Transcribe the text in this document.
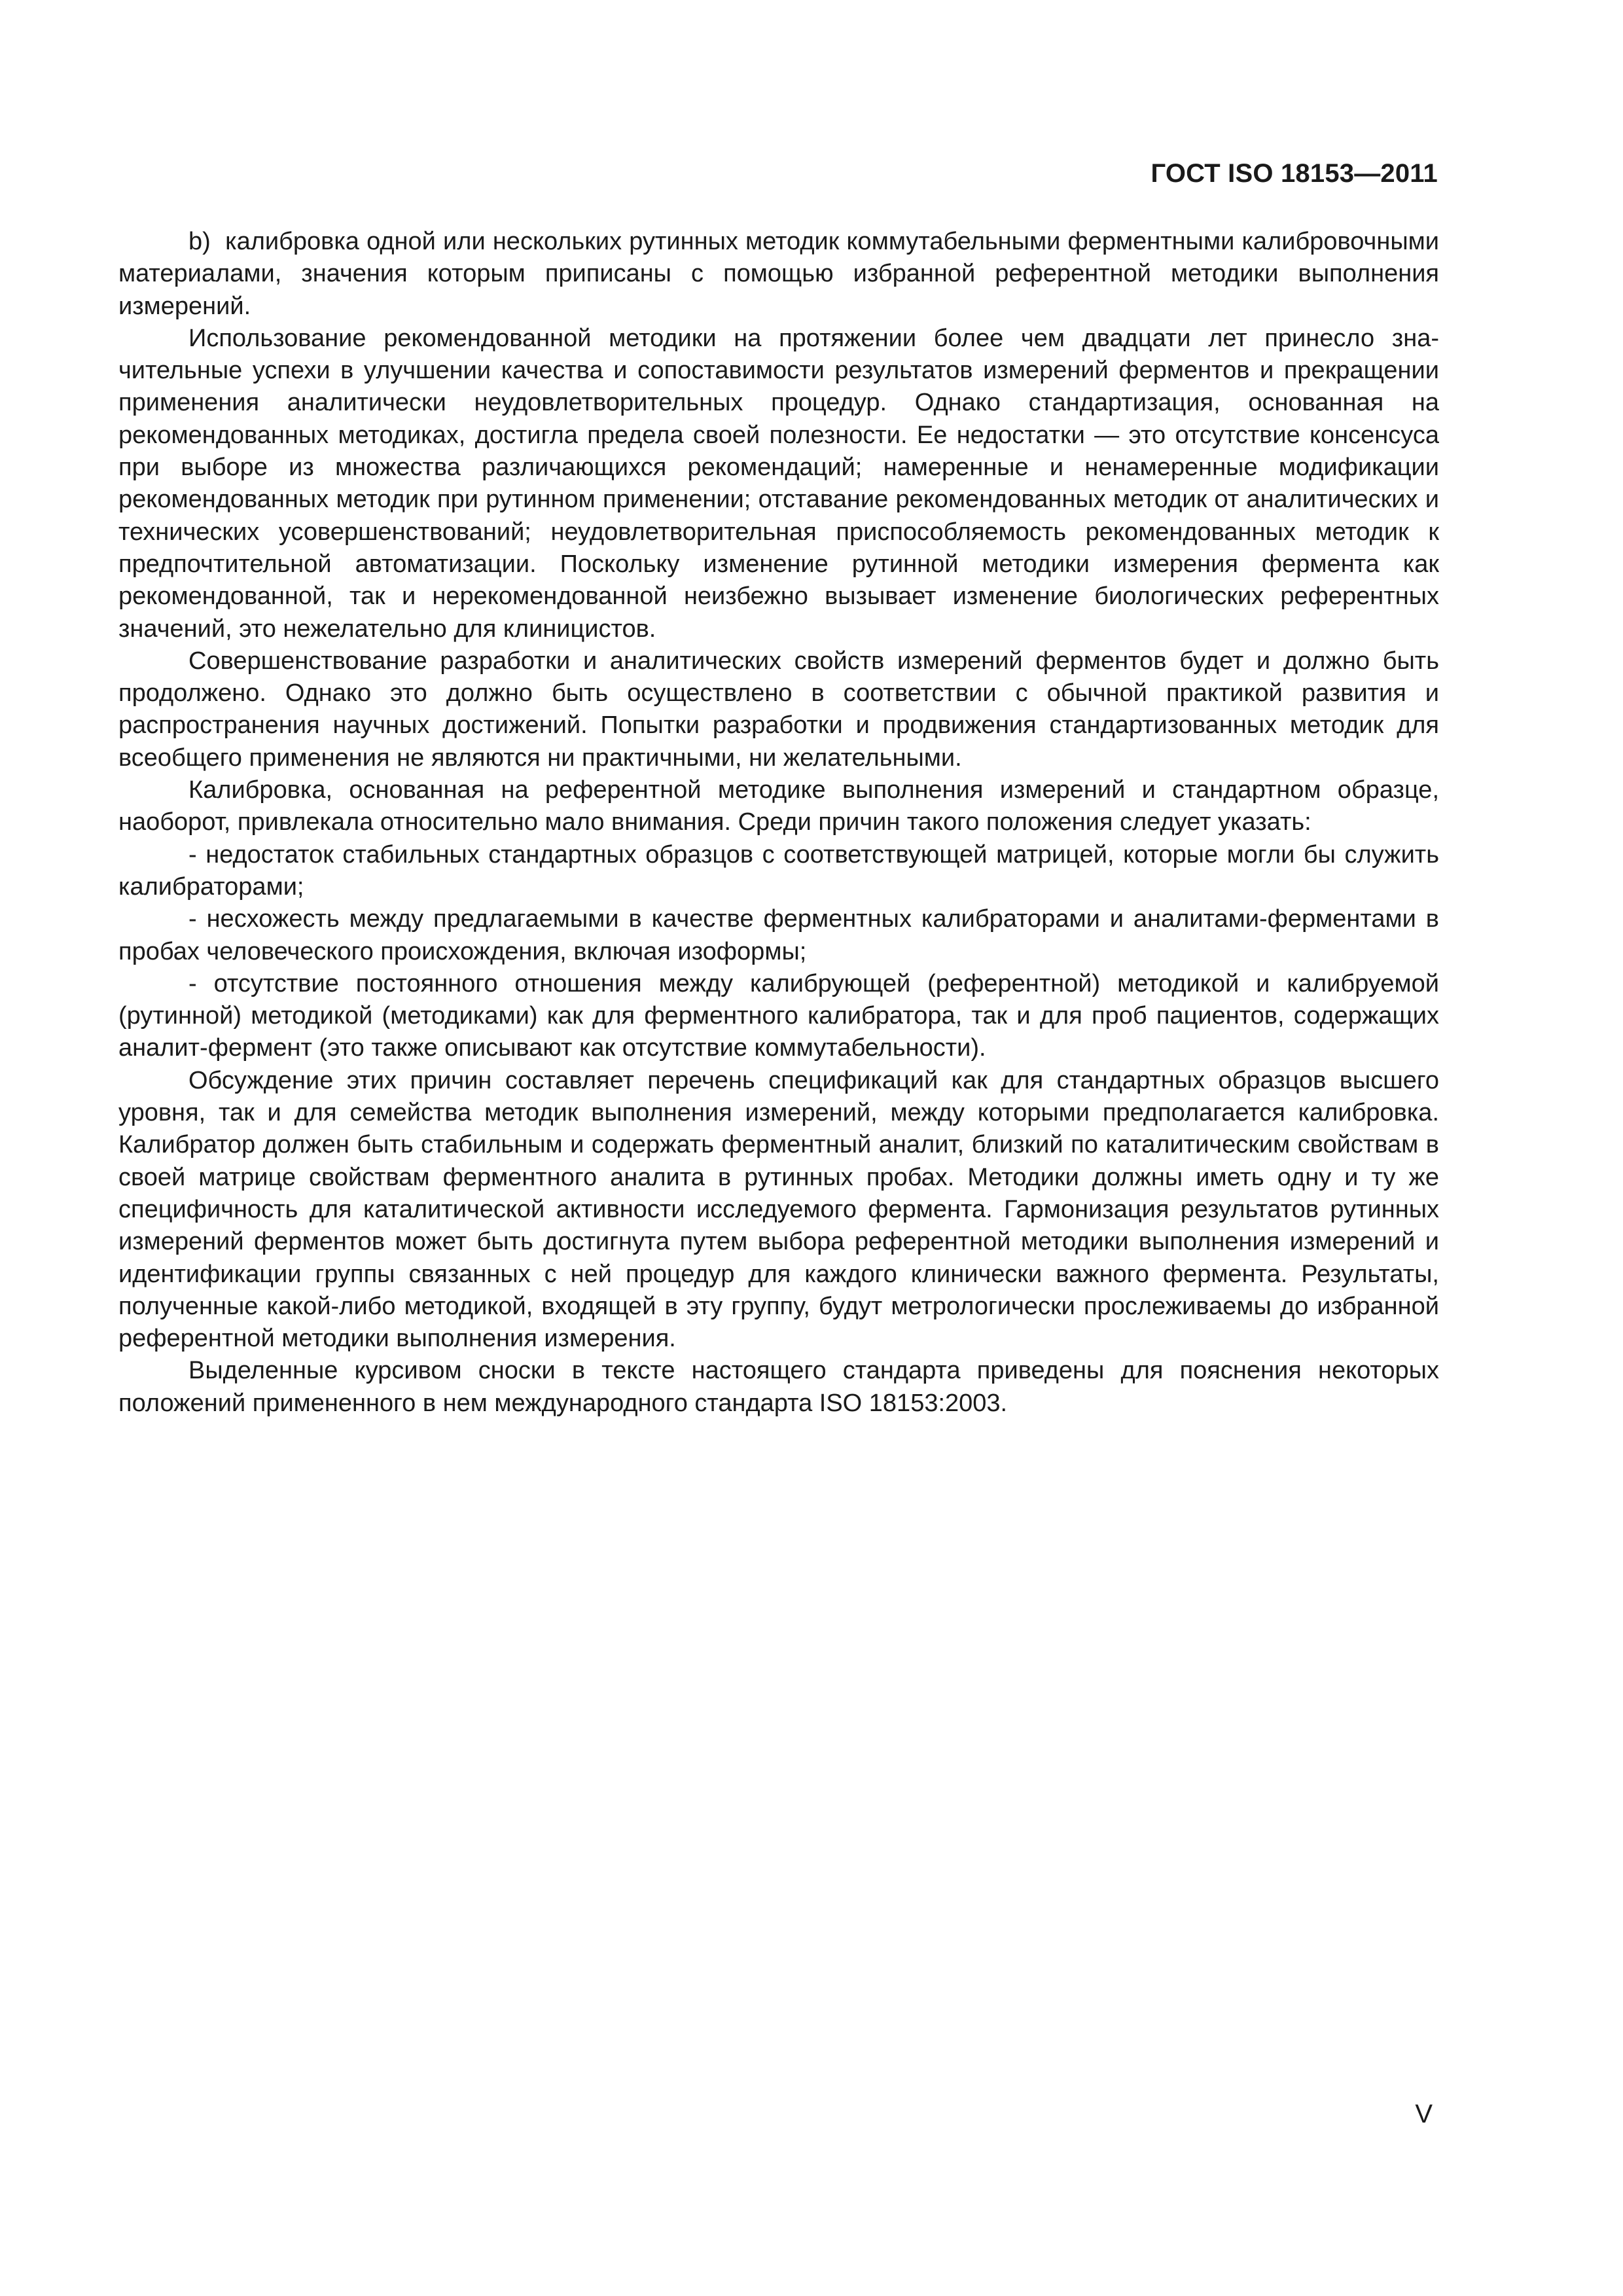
ГОСТ ISO 18153—2011

b)  калибровка одной или нескольких рутинных методик коммутабельными ферментными калибровочными материалами, значения которым приписаны с помощью избранной референтной методики выполнения измерений.

Использование рекомендованной методики на протяжении более чем двадцати лет принесло значительные успехи в улучшении качества и сопоставимости результатов измерений ферментов и прекращении применения аналитически неудовлетворительных процедур. Однако стандартизация, основанная на рекомендованных методиках, достигла предела своей полезности. Ее недостатки — это отсутствие консенсуса при выборе из множества различающихся рекомендаций; намеренные и ненамеренные модификации рекомендованных методик при рутинном применении; отставание рекомендованных методик от аналитических и технических усовершенствований; неудовлетворительная приспособляемость рекомендованных методик к предпочтительной автоматизации. Поскольку изменение рутинной методики измерения фермента как рекомендованной, так и нерекомендованной неизбежно вызывает изменение биологических референтных значений, это нежелательно для клиницистов.

Совершенствование разработки и аналитических свойств измерений ферментов будет и должно быть продолжено. Однако это должно быть осуществлено в соответствии с обычной практикой развития и распространения научных достижений. Попытки разработки и продвижения стандартизованных методик для всеобщего применения не являются ни практичными, ни желательными.

Калибровка, основанная на референтной методике выполнения измерений и стандартном образце, наоборот, привлекала относительно мало внимания. Среди причин такого положения следует указать:

- недостаток стабильных стандартных образцов с соответствующей матрицей, которые могли бы служить калибраторами;

- несхожесть между предлагаемыми в качестве ферментных калибраторами и аналитами-ферментами в пробах человеческого происхождения, включая изоформы;

- отсутствие постоянного отношения между калибрующей (референтной) методикой и калибруемой (рутинной) методикой (методиками) как для ферментного калибратора, так и для проб пациентов, содержащих аналит-фермент (это также описывают как отсутствие коммутабельности).

Обсуждение этих причин составляет перечень спецификаций как для стандартных образцов высшего уровня, так и для семейства методик выполнения измерений, между которыми предполагается калибровка. Калибратор должен быть стабильным и содержать ферментный аналит, близкий по каталитическим свойствам в своей матрице свойствам ферментного аналита в рутинных пробах. Методики должны иметь одну и ту же специфичность для каталитической активности исследуемого фермента. Гармонизация результатов рутинных измерений ферментов может быть достигнута путем выбора референтной методики выполнения измерений и идентификации группы связанных с ней процедур для каждого клинически важного фермента. Результаты, полученные какой-либо методикой, входящей в эту группу, будут метрологически прослеживаемы до избранной референтной методики выполнения измерения.

Выделенные курсивом сноски в тексте настоящего стандарта приведены для пояснения некоторых положений примененного в нем международного стандарта ISO 18153:2003.

V
